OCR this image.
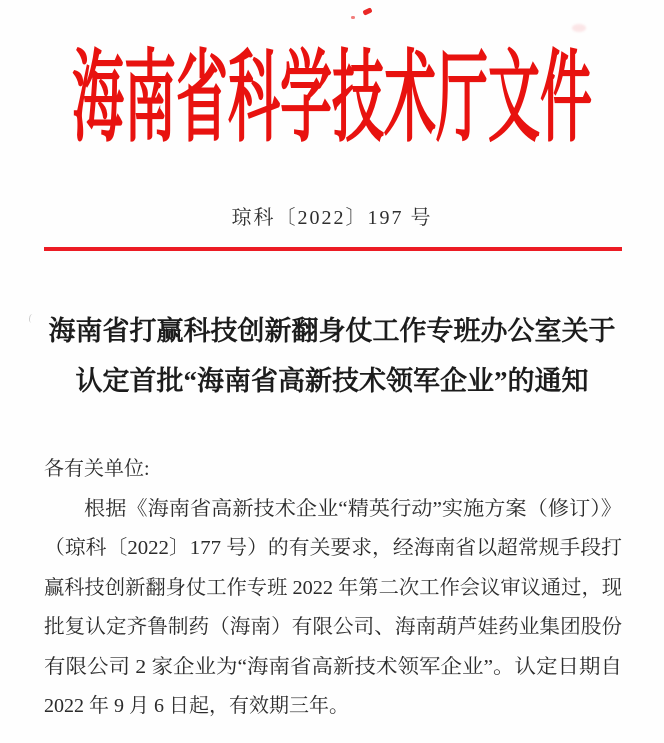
海南省科学技术厅文件
琼科〔2022〕197 号
海南省打赢科技创新翻身仗工作专班办公室关于
认定首批“海南省高新技术领军企业”的通知
各有关单位:
根据《海南省高新技术企业“精英行动”实施方案（修订）》
（琼科〔2022〕177 号）的有关要求，经海南省以超常规手段打
赢科技创新翻身仗工作专班 2022 年第二次工作会议审议通过，现
批复认定齐鲁制药（海南）有限公司、海南葫芦娃药业集团股份
有限公司 2 家企业为“海南省高新技术领军企业”。认定日期自
2022 年 9 月 6 日起，有效期三年。
